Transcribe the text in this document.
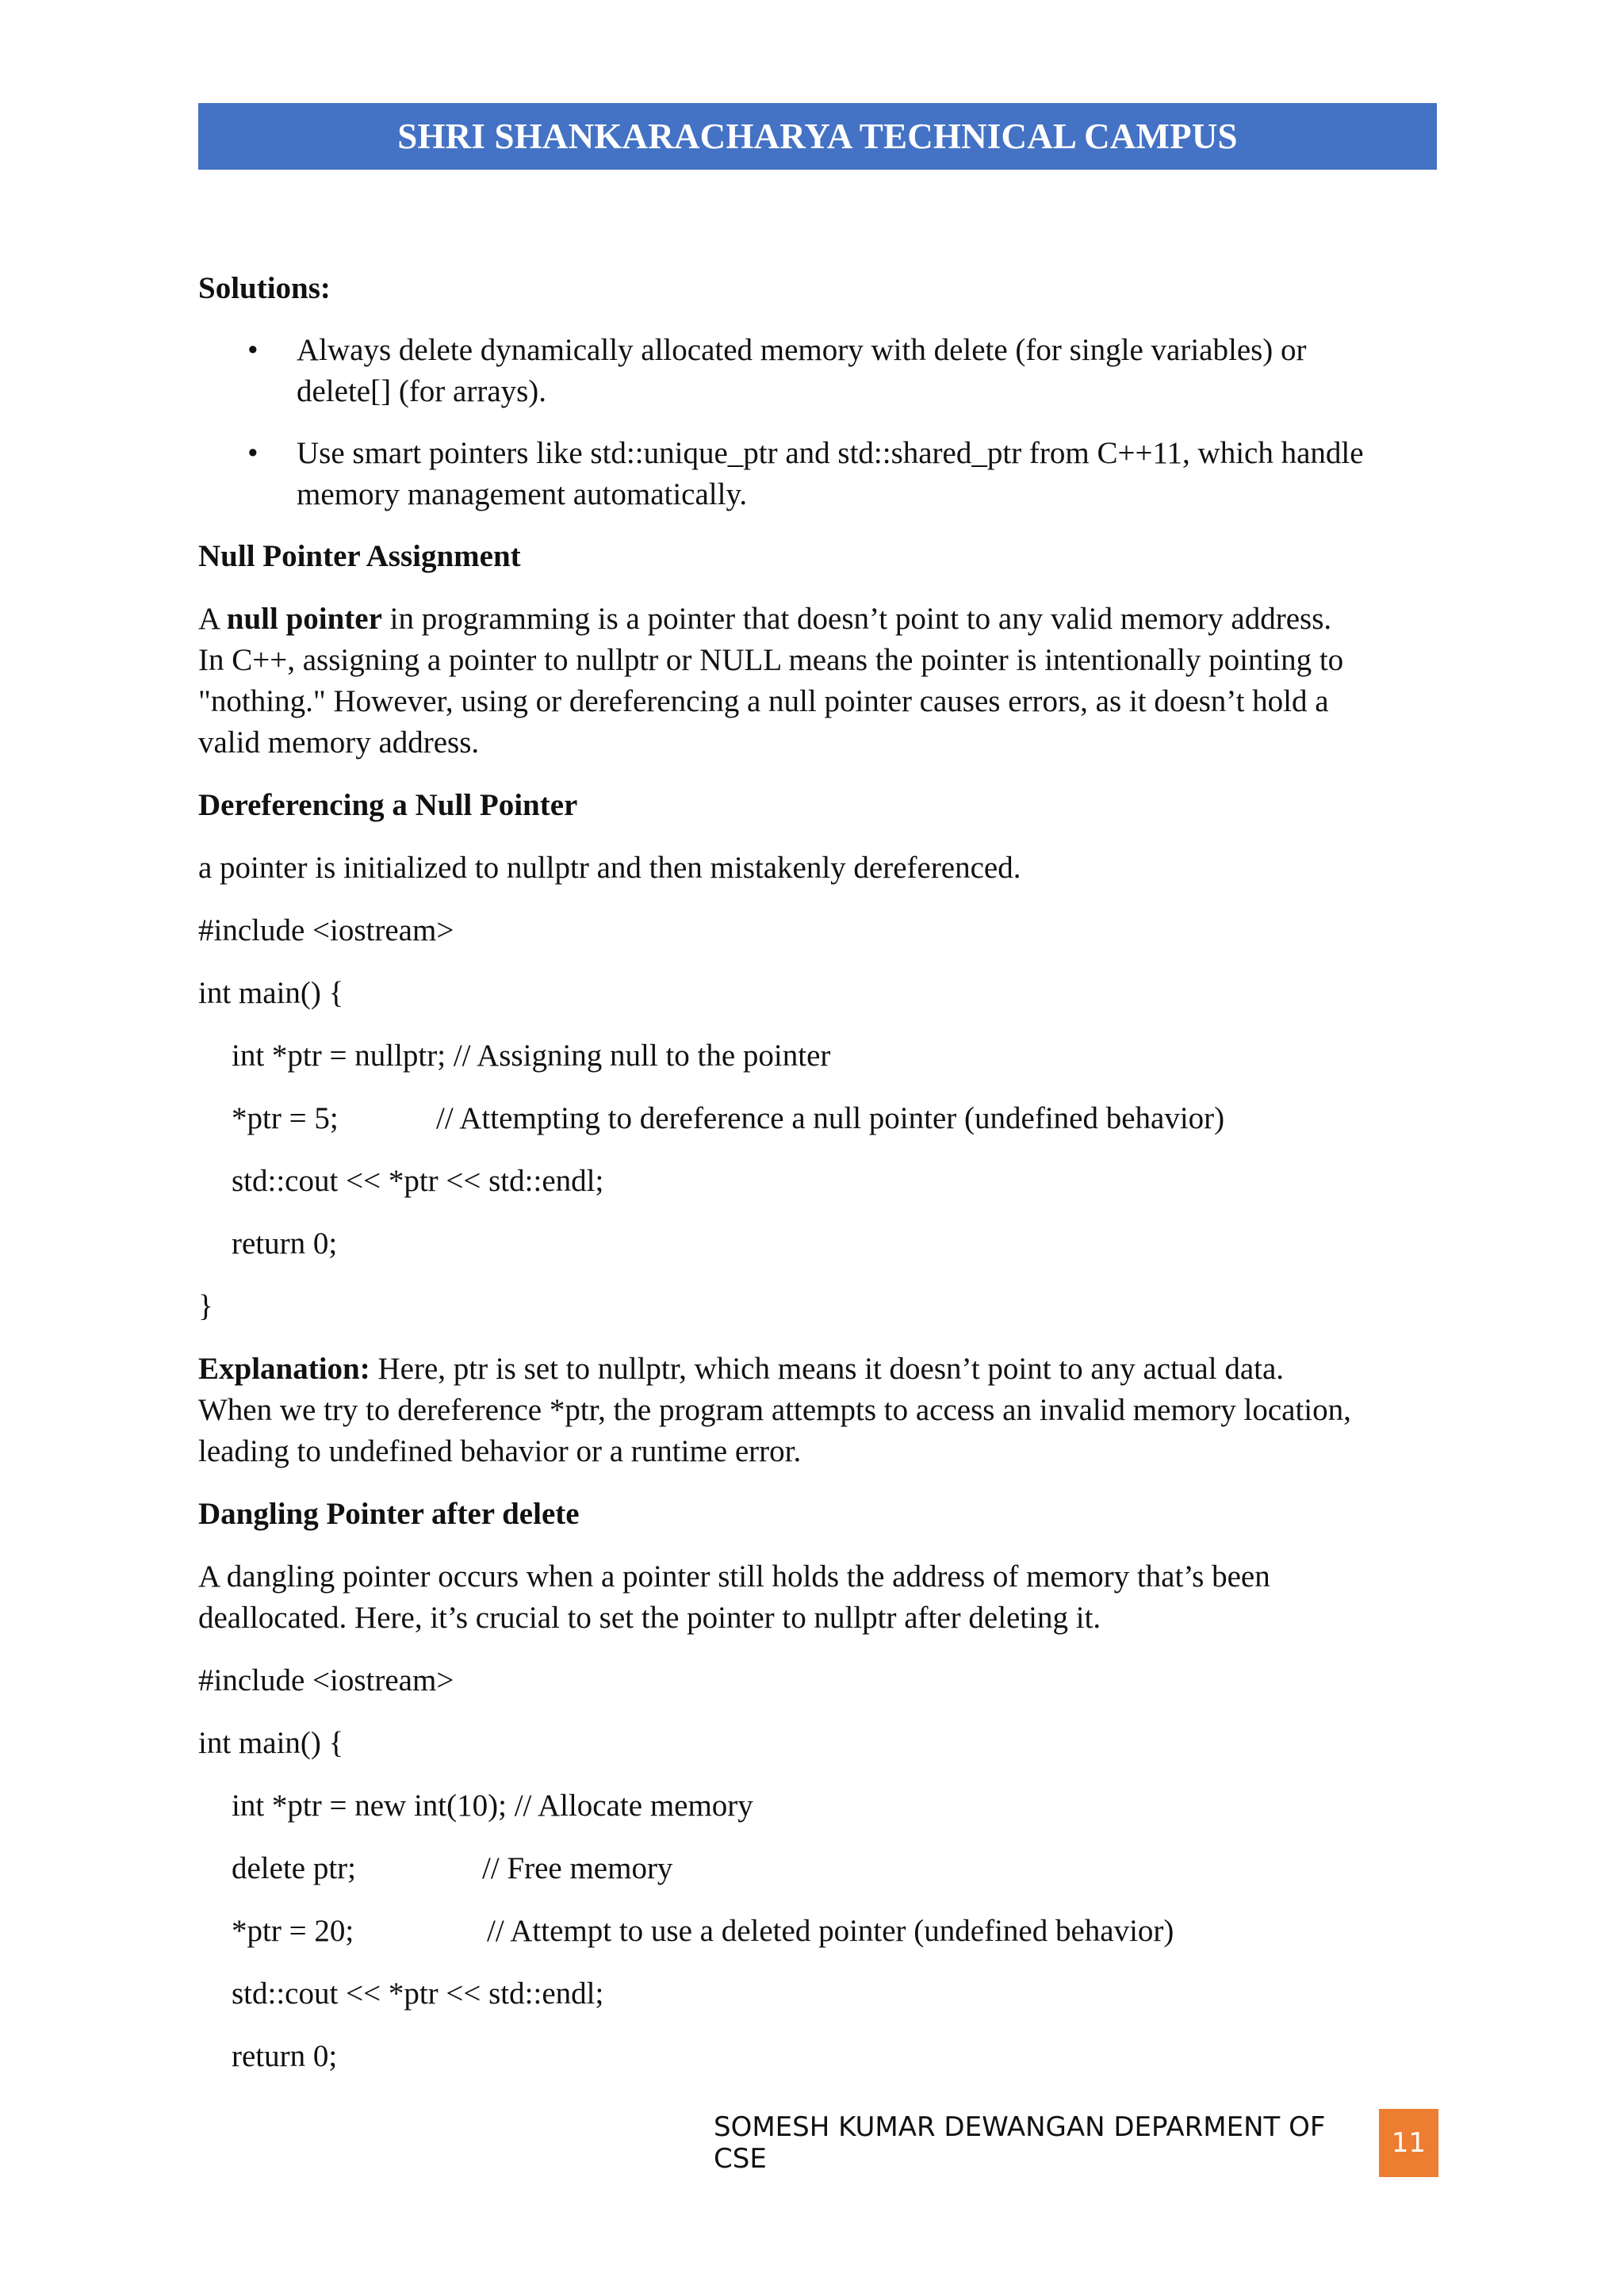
SHRI SHANKARACHARYA TECHNICAL CAMPUS

Solutions:

• Always delete dynamically allocated memory with delete (for single variables) or
delete[] (for arrays).
• Use smart pointers like std::unique_ptr and std::shared_ptr from C++11, which handle
memory management automatically.

Null Pointer Assignment

A null pointer in programming is a pointer that doesn’t point to any valid memory address.
In C++, assigning a pointer to nullptr or NULL means the pointer is intentionally pointing to
"nothing." However, using or dereferencing a null pointer causes errors, as it doesn’t hold a
valid memory address.

Dereferencing a Null Pointer

a pointer is initialized to nullptr and then mistakenly dereferenced.

#include <iostream>

int main() {

int *ptr = nullptr; // Assigning null to the pointer

*ptr = 5;	// Attempting to dereference a null pointer (undefined behavior)

std::cout << *ptr << std::endl;

return 0;

}

Explanation: Here, ptr is set to nullptr, which means it doesn’t point to any actual data.
When we try to dereference *ptr, the program attempts to access an invalid memory location,
leading to undefined behavior or a runtime error.

Dangling Pointer after delete

A dangling pointer occurs when a pointer still holds the address of memory that’s been
deallocated. Here, it’s crucial to set the pointer to nullptr after deleting it.

#include <iostream>

int main() {

int *ptr = new int(10); // Allocate memory

delete ptr;	// Free memory

*ptr = 20;	// Attempt to use a deleted pointer (undefined behavior)

std::cout << *ptr << std::endl;

return 0;

SOMESH KUMAR DEWANGAN DEPARMENT OF CSE	11
